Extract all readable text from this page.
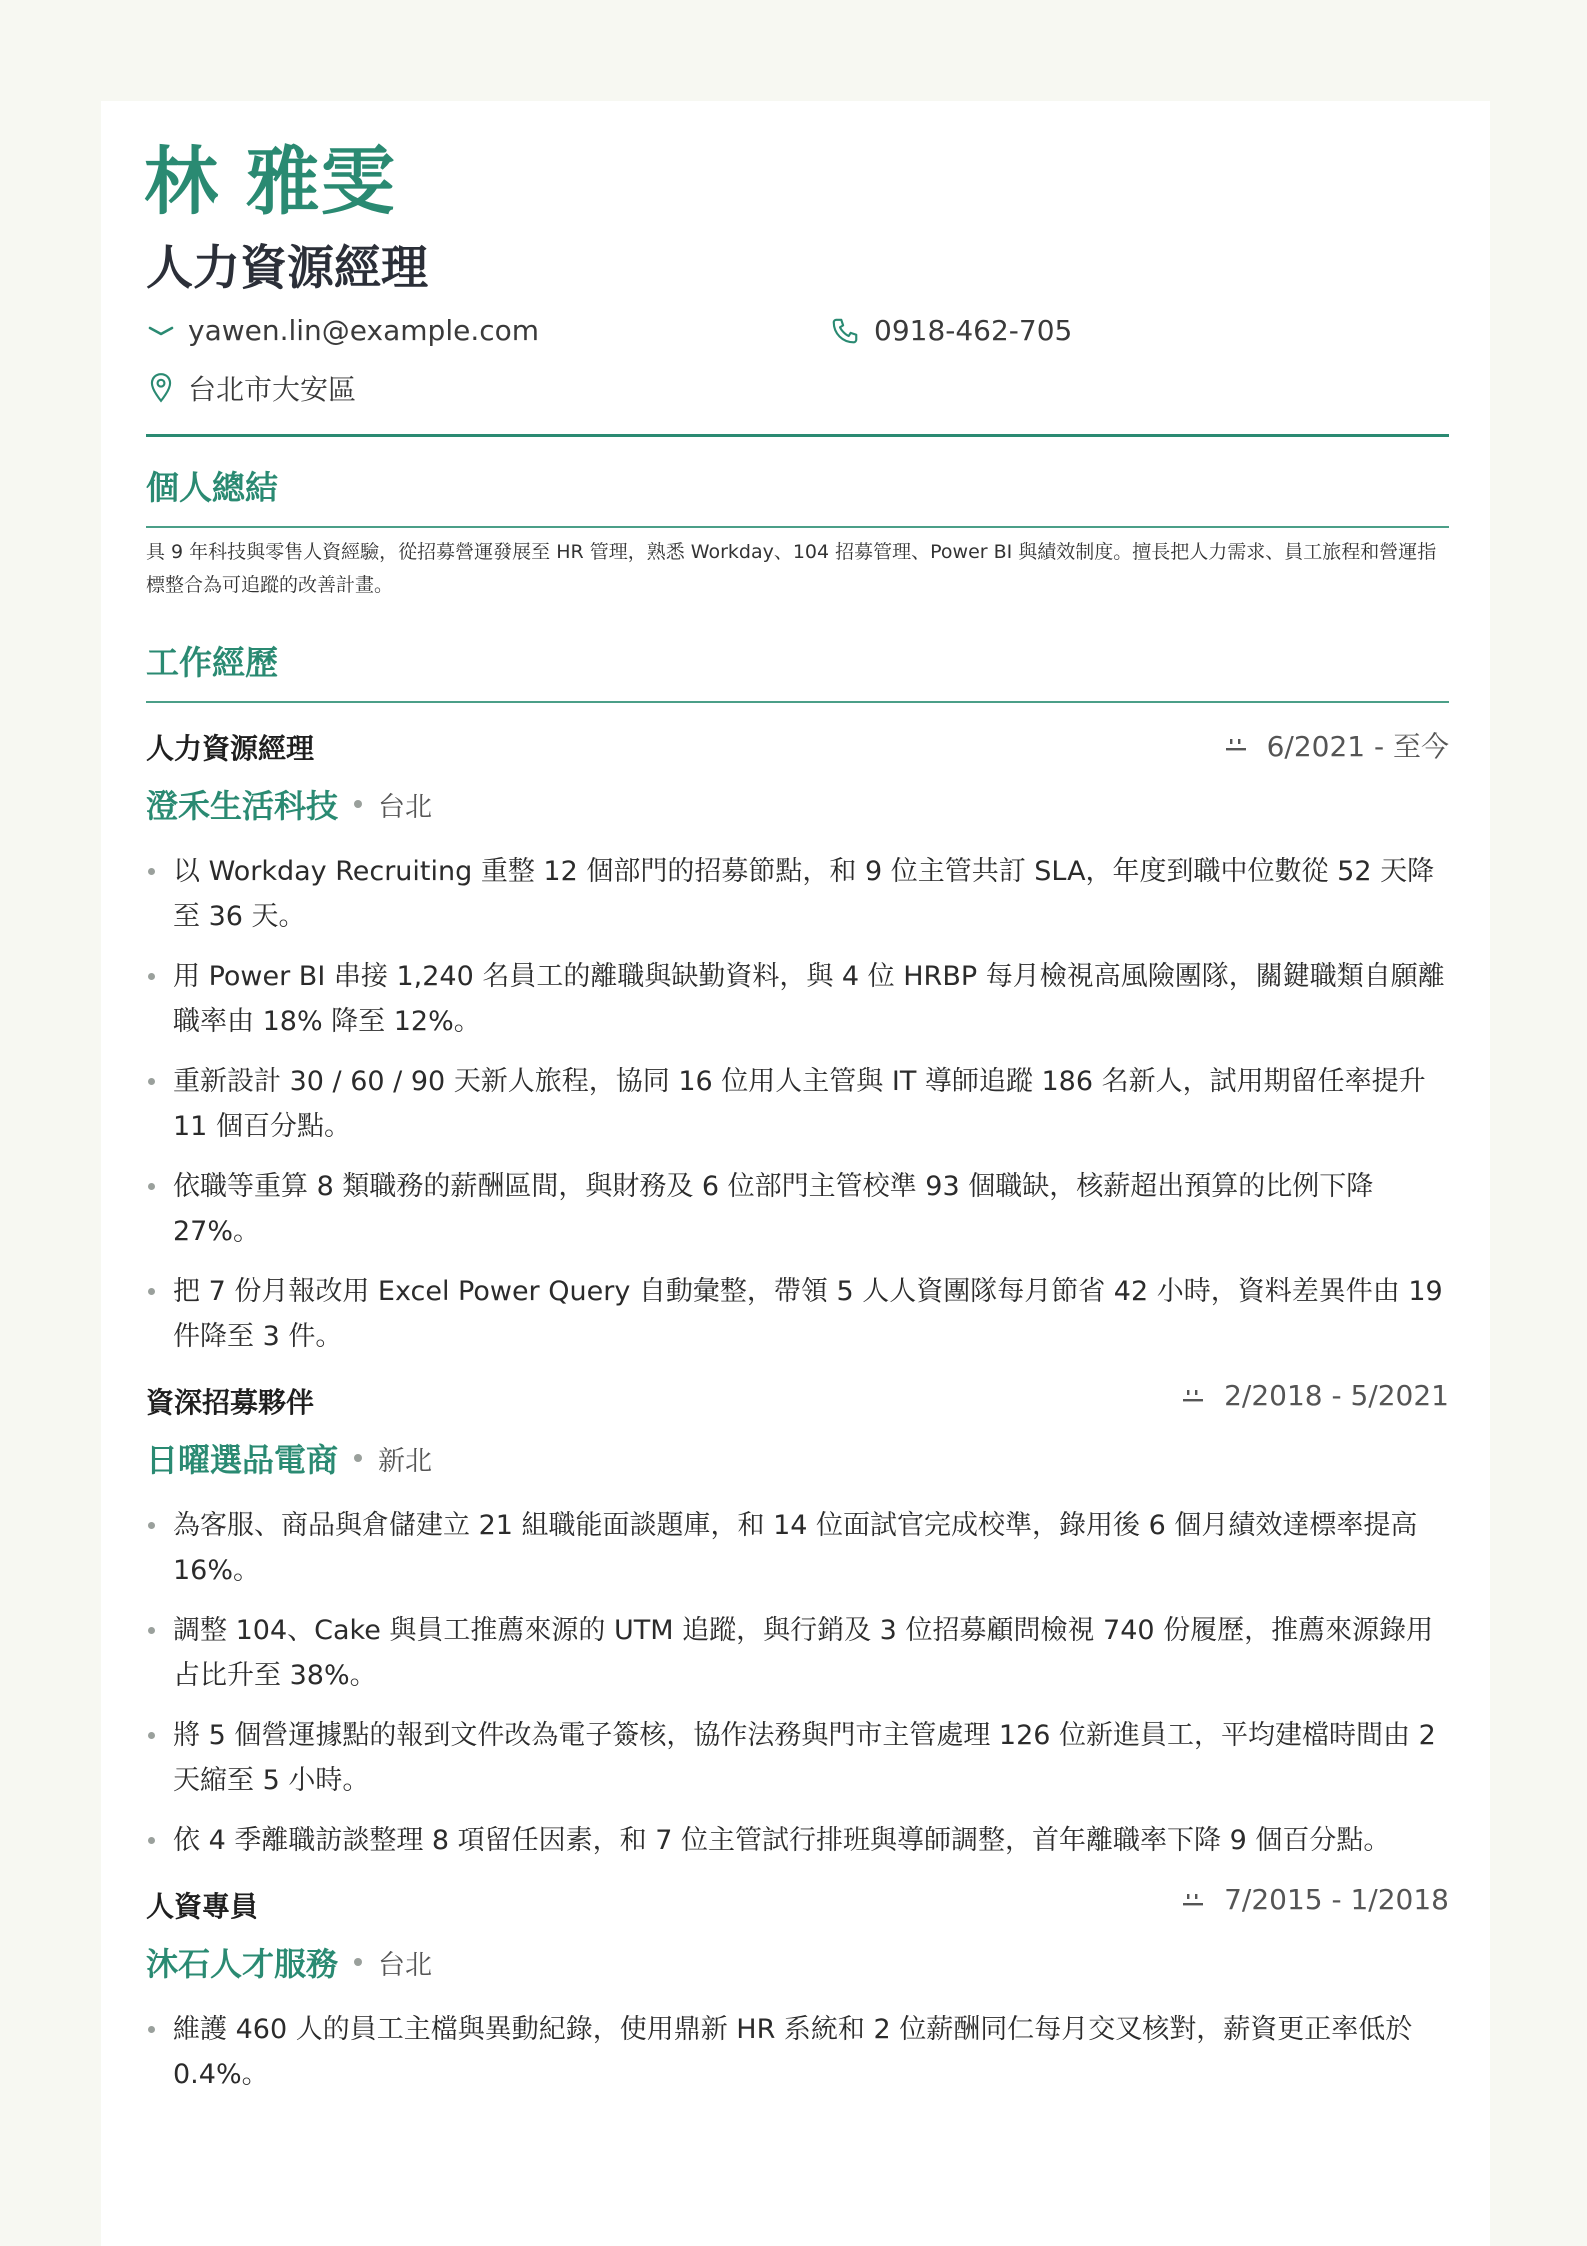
林 雅雯
人力資源經理
yawen.lin@example.com	0918-462-705
台北市大安區
個人總結
具 9 年科技與零售人資經驗，從招募營運發展至 HR 管理，熟悉 Workday、104 招募管理、Power BI 與績效制度。擅長把人力需求、員工旅程和營運指標整合為可追蹤的改善計畫。
工作經歷
人力資源經理	6/2021 - 至今
澄禾生活科技 台北
以 Workday Recruiting 重整 12 個部門的招募節點，和 9 位主管共訂 SLA，年度到職中位數從 52 天降至 36 天。
用 Power BI 串接 1,240 名員工的離職與缺勤資料，與 4 位 HRBP 每月檢視高風險團隊，關鍵職類自願離職率由 18% 降至 12%。
重新設計 30 / 60 / 90 天新人旅程，協同 16 位用人主管與 IT 導師追蹤 186 名新人，試用期留任率提升 11 個百分點。
依職等重算 8 類職務的薪酬區間，與財務及 6 位部門主管校準 93 個職缺，核薪超出預算的比例下降 27%。
把 7 份月報改用 Excel Power Query 自動彙整，帶領 5 人人資團隊每月節省 42 小時，資料差異件由 19 件降至 3 件。
資深招募夥伴	2/2018 - 5/2021
日曜選品電商 新北
為客服、商品與倉儲建立 21 組職能面談題庫，和 14 位面試官完成校準，錄用後 6 個月績效達標率提高 16%。
調整 104、Cake 與員工推薦來源的 UTM 追蹤，與行銷及 3 位招募顧問檢視 740 份履歷，推薦來源錄用占比升至 38%。
將 5 個營運據點的報到文件改為電子簽核，協作法務與門市主管處理 126 位新進員工，平均建檔時間由 2 天縮至 5 小時。
依 4 季離職訪談整理 8 項留任因素，和 7 位主管試行排班與導師調整，首年離職率下降 9 個百分點。
人資專員	7/2015 - 1/2018
沐石人才服務 台北
維護 460 人的員工主檔與異動紀錄，使用鼎新 HR 系統和 2 位薪酬同仁每月交叉核對，薪資更正率低於 0.4%。
